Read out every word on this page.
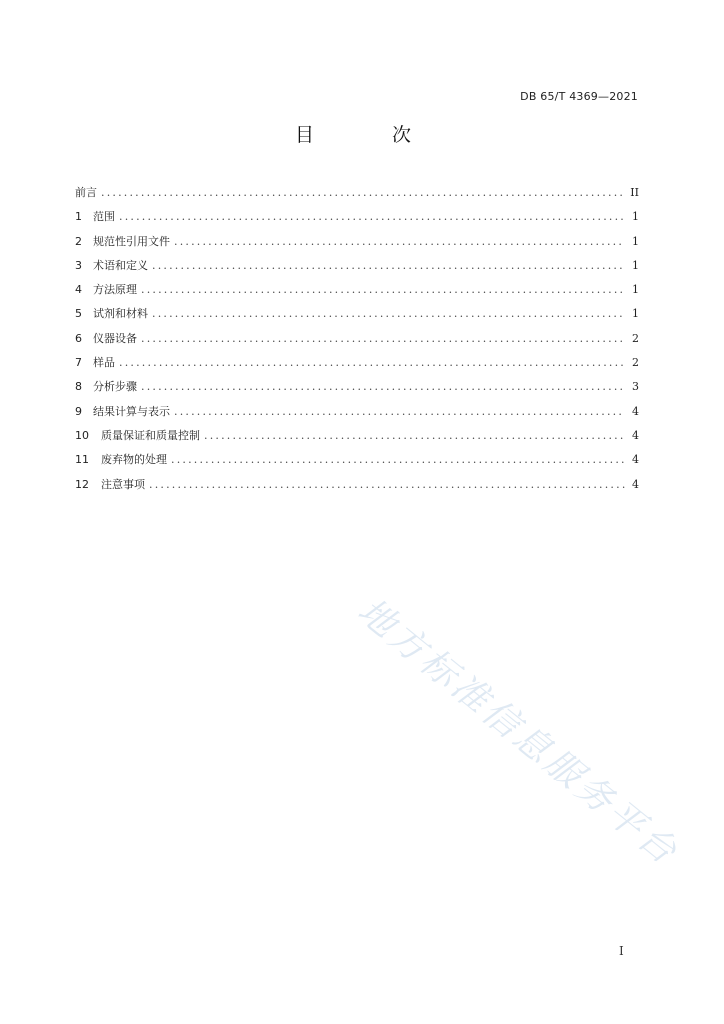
DB 65/T 4369—2021
目 次
前言 .....	II
1	范围 .....	1
2	规范性引用文件 .....	1
3	术语和定义 .....	1
4	方法原理 .....	1
5	试剂和材料 .....	1
6	仪器设备 .....	2
7	样品 .....	2
8	分析步骤 .....	3
9	结果计算与表示 .....	4
10	质量保证和质量控制 .....	4
11	废弃物的处理 .....	4
12	注意事项 .....	4
地方标准信息服务平台
I
